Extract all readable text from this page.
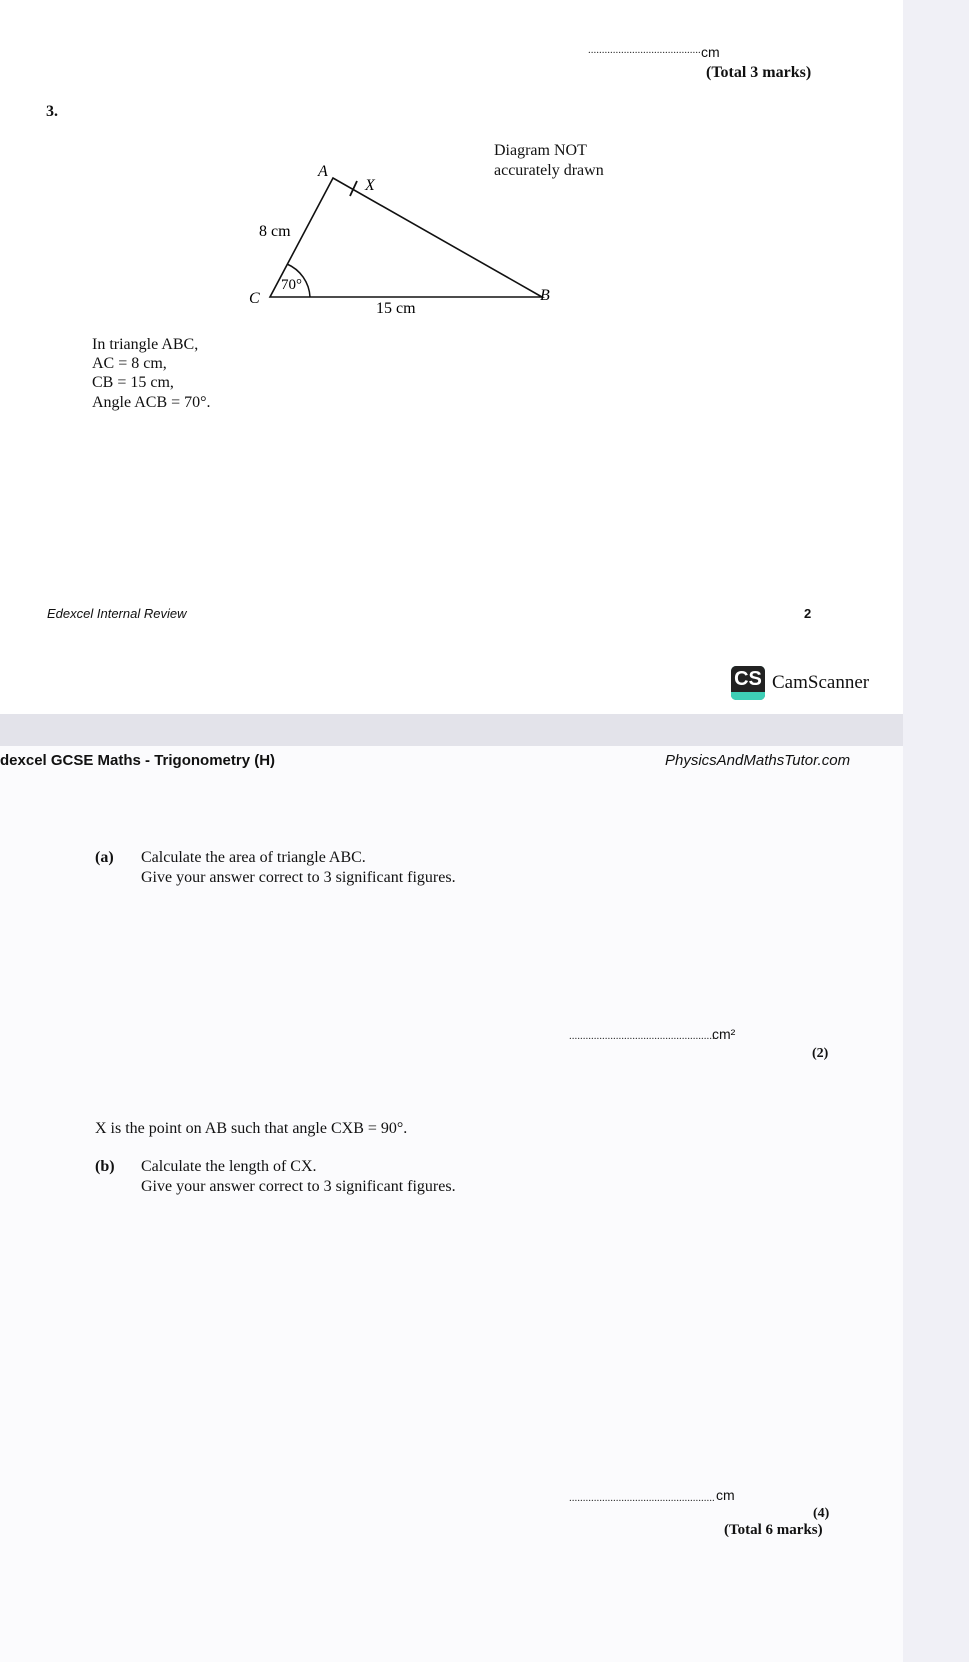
......................................... cm
(Total 3 marks)
3.
Diagram NOT
accurately drawn
A
X
C	B
8 cm
15 cm
70°
In triangle ABC,
AC = 8 cm,
CB = 15 cm,
Angle ACB = 70°.
Edexcel Internal Review	2
CS CamScanner
dexcel GCSE Maths - Trigonometry (H)	PhysicsAndMathsTutor.com
(a) Calculate the area of triangle ABC.
Give your answer correct to 3 significant figures.
.....................................................
cm²
(2)
X is the point on AB such that angle CXB = 90°.
(b) Calculate the length of CX.
Give your answer correct to 3 significant figures.
..................................................... cm
(4)
(Total 6 marks)
